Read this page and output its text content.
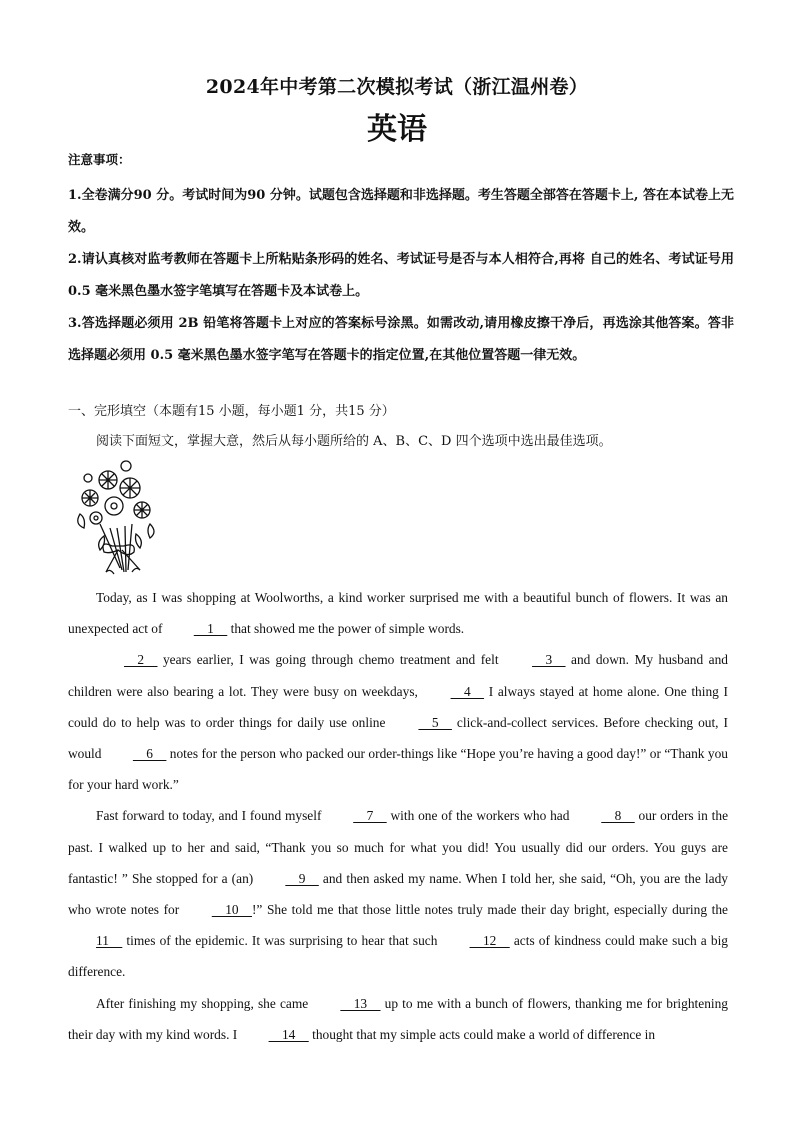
2024年中考第二次模拟考试（浙江温州卷）
英语
注意事项：
1.全卷满分90 分。考试时间为90 分钟。试题包含选择题和非选择题。考生答题全部答在答题卡上, 答在本试卷上无效。
2.请认真核对监考教师在答题卡上所粘贴条形码的姓名、考试证号是否与本人相符合,再将 自己的姓名、考试证号用 0.5 毫米黑色墨水签字笔填写在答题卡及本试卷上。
3.答选择题必须用 2B 铅笔将答题卡上对应的答案标号涂黑。如需改动,请用橡皮擦干净后，再选涂其他答案。答非选择题必须用 0.5 毫米黑色墨水签字笔写在答题卡的指定位置,在其他位置答题一律无效。
一、完形填空（本题有15 小题，每小题1 分，共15 分）
阅读下面短文，掌握大意，然后从每小题所给的 A、B、C、D 四个选项中选出最佳选项。

Today, as I was shopping at Woolworths, a kind worker surprised me with a beautiful bunch of flowers. It was an unexpected act of     1     that showed me the power of simple words.

2     years earlier, I was going through chemo treatment and felt     3     and down. My husband and children were also bearing a lot. They were busy on weekdays,     4     I always stayed at home alone. One thing I could do to help was to order things for daily use online     5     click-and-collect services. Before checking out, I would     6     notes for the person who packed our order-things like “Hope you’re having a good day!” or “Thank you for your hard work.”

Fast forward to today, and I found myself     7     with one of the workers who had     8     our orders in the past. I walked up to her and said, “Thank you so much for what you did! You usually did our orders. You guys are fantastic! ” She stopped for a (an)     9     and then asked my name. When I told her, she said, “Oh, you are the lady who wrote notes for     10    !” She told me that those little notes truly made their day bright, especially during the 11     times of the epidemic. It was surprising to hear that such     12     acts of kindness could make such a big difference.

After finishing my shopping, she came     13     up to me with a bunch of flowers, thanking me for brightening their day with my kind words. I     14     thought that my simple acts could make a world of difference in
